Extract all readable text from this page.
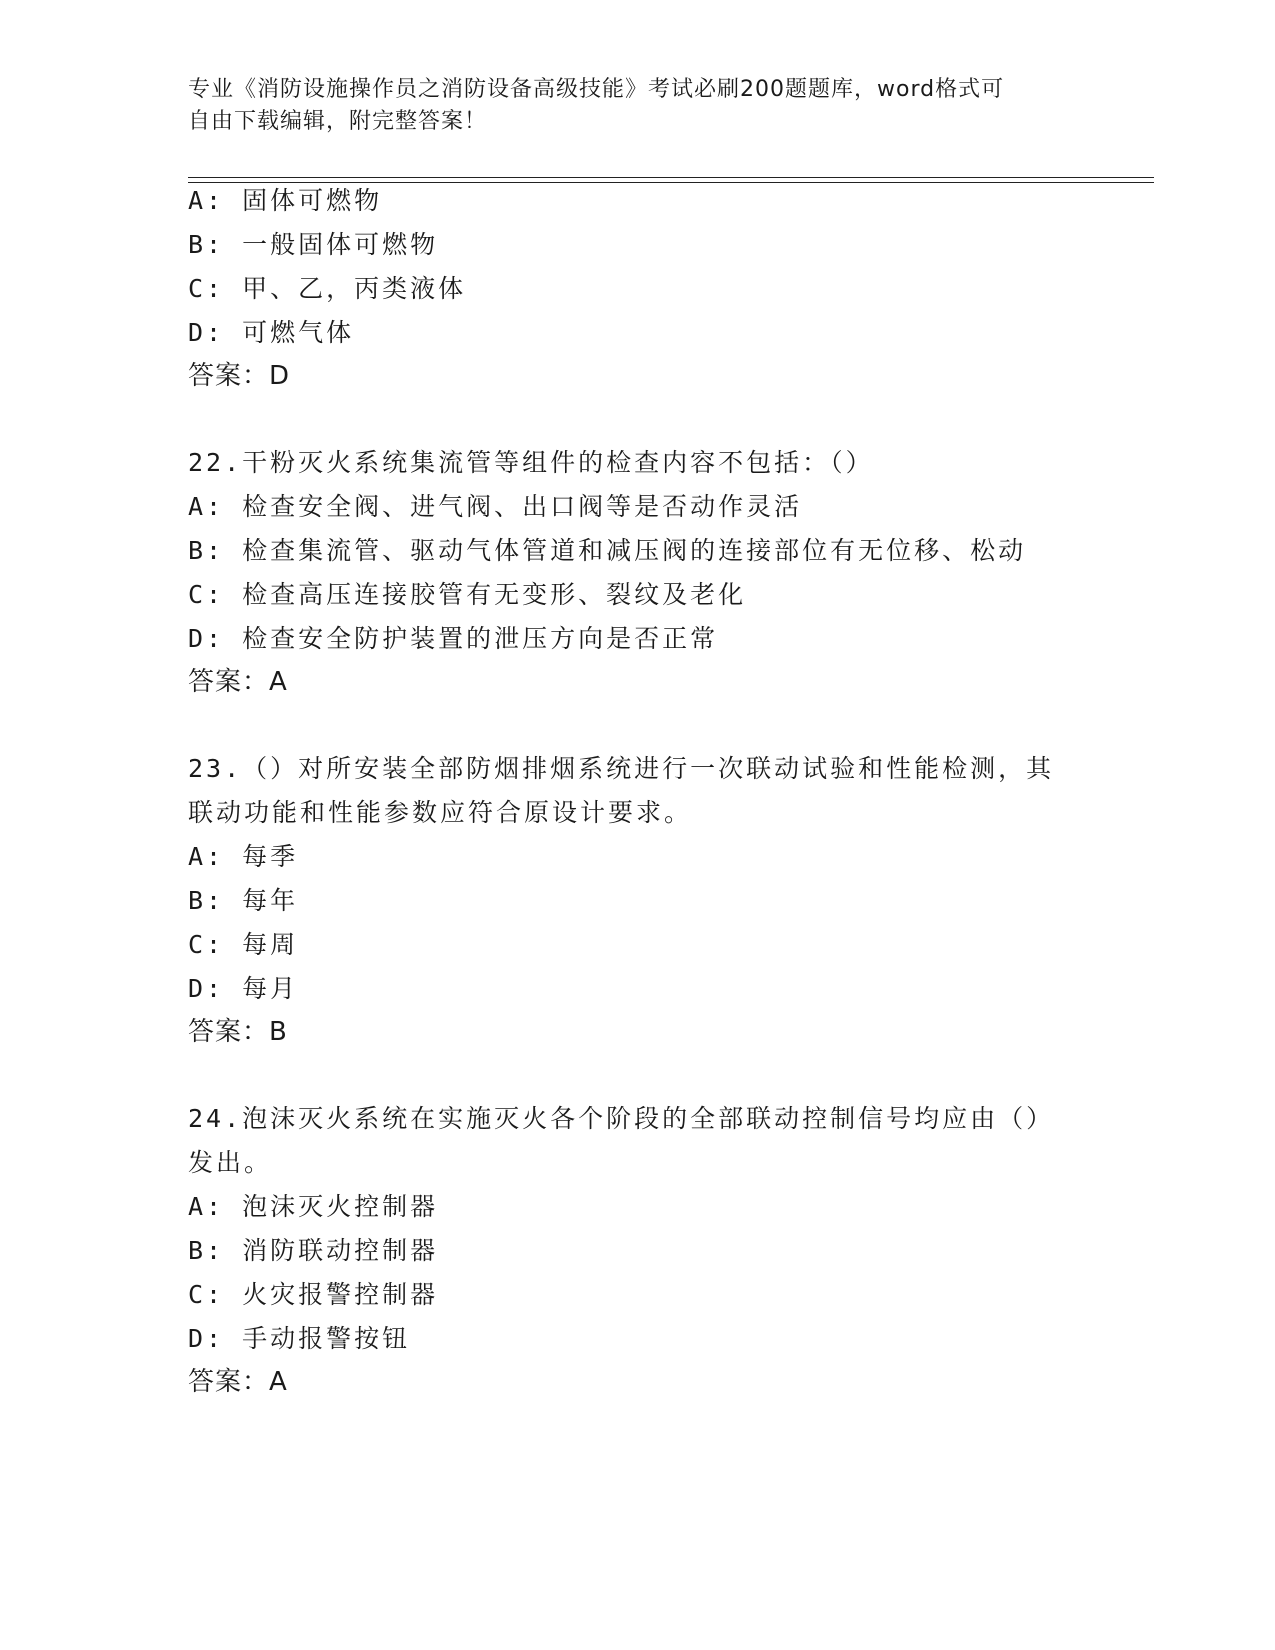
专业《消防设施操作员之消防设备高级技能》考试必刷200题题库，word格式可
自由下载编辑，附完整答案！
A: 固体可燃物
B: 一般固体可燃物
C: 甲、乙，丙类液体
D: 可燃气体
答案：D
22.干粉灭火系统集流管等组件的检查内容不包括：（）
A: 检查安全阀、进气阀、出口阀等是否动作灵活
B: 检查集流管、驱动气体管道和减压阀的连接部位有无位移、松动
C: 检查高压连接胶管有无变形、裂纹及老化
D: 检查安全防护装置的泄压方向是否正常
答案：A
23.（）对所安装全部防烟排烟系统进行一次联动试验和性能检测，其
联动功能和性能参数应符合原设计要求。
A: 每季
B: 每年
C: 每周
D: 每月
答案：B
24.泡沫灭火系统在实施灭火各个阶段的全部联动控制信号均应由（）
发出。
A: 泡沫灭火控制器
B: 消防联动控制器
C: 火灾报警控制器
D: 手动报警按钮
答案：A
